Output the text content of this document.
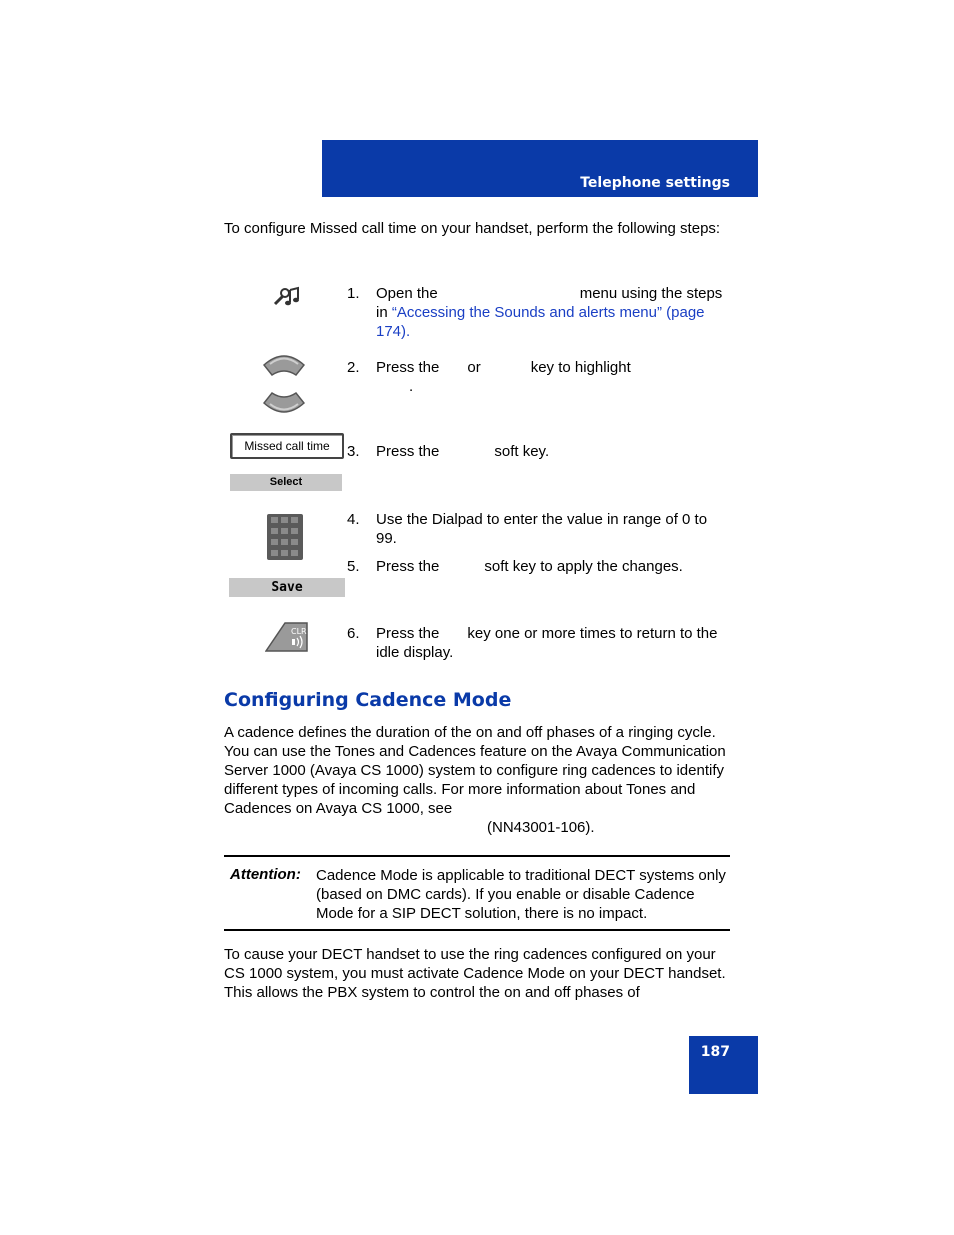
Telephone settings
To configure Missed call time on your handset, perform the following steps:
1. Open the	menu using the steps in “Accessing the Sounds and alerts menu” (page 174).
2. Press the or	key to highlight
.
Missed call time
Select
3. Press the	soft key.
4. Use the Dialpad to enter the value in range of 0 to 99.
Save
5. Press the	soft key to apply the changes.
CLR	6. Press the key one or more times to return to the idle display.
Configuring Cadence Mode
A cadence defines the duration of the on and off phases of a ringing cycle. You can use the Tones and Cadences feature on the Avaya Communication Server 1000 (Avaya CS 1000) system to configure ring cadences to identify different types of incoming calls. For more information about Tones and Cadences on Avaya CS 1000, see
(NN43001-106).
Attention: Cadence Mode is applicable to traditional DECT systems only (based on DMC cards). If you enable or disable Cadence Mode for a SIP DECT solution, there is no impact.
To cause your DECT handset to use the ring cadences configured on your CS 1000 system, you must activate Cadence Mode on your DECT handset. This allows the PBX system to control the on and off phases of
187
